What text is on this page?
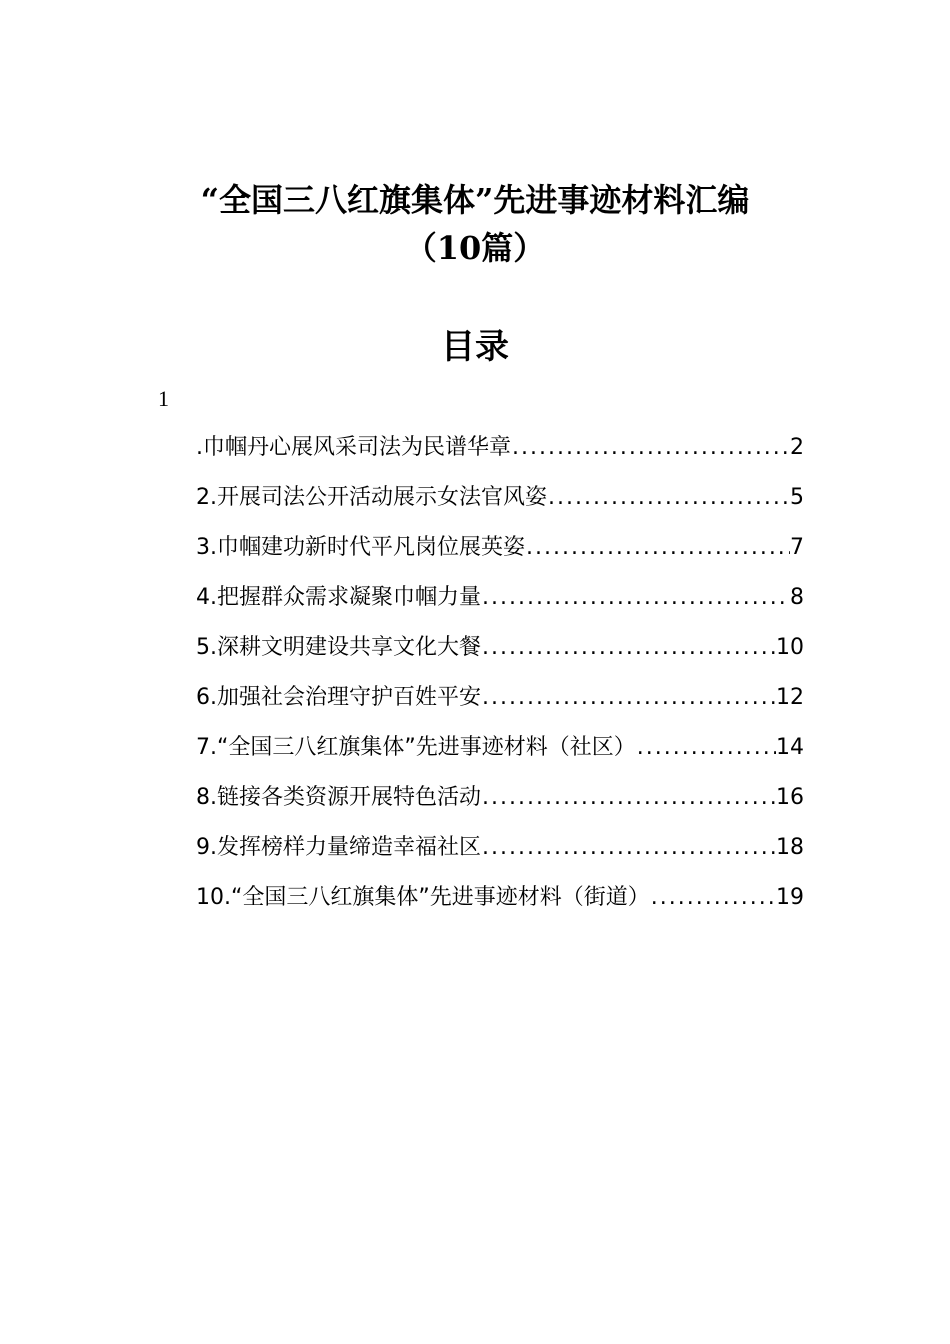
“全国三八红旗集体”先进事迹材料汇编
（10篇）
目录
1
.巾帼丹心展风采司法为民谱华章 .....	2
2.开展司法公开活动展示女法官风姿 .....	5
3.巾帼建功新时代平凡岗位展英姿 .....	7
4.把握群众需求凝聚巾帼力量 .....	8
5.深耕文明建设共享文化大餐 .....	10
6.加强社会治理守护百姓平安 .....	12
7.“全国三八红旗集体”先进事迹材料（社区） .....	14
8.链接各类资源开展特色活动 .....	16
9.发挥榜样力量缔造幸福社区 .....	18
10.“全国三八红旗集体”先进事迹材料（街道） .....	19
